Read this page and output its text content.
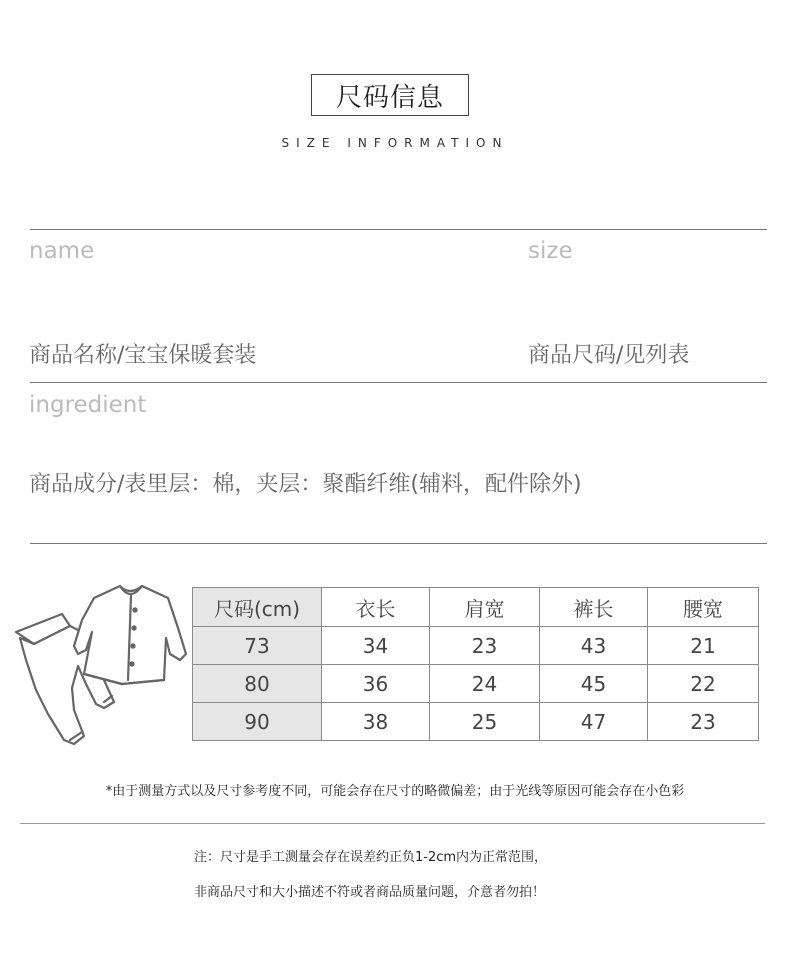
尺码信息
SIZE INFORMATION
name	size
商品名称/宝宝保暖套装	商品尺码/见列表
ingredient
商品成分/表里层：棉，夹层：聚酯纤维(辅料，配件除外)
尺码(cm)	衣长	肩宽	裤长	腰宽
73	34	23	43	21
80	36	24	45	22
90	38	25	47	23
*由于测量方式以及尺寸参考度不同，可能会存在尺寸的略微偏差；由于光线等原因可能会存在小色彩
注：尺寸是手工测量会存在误差约正负1-2cm内为正常范围，
非商品尺寸和大小描述不符或者商品质量问题，介意者勿拍！
